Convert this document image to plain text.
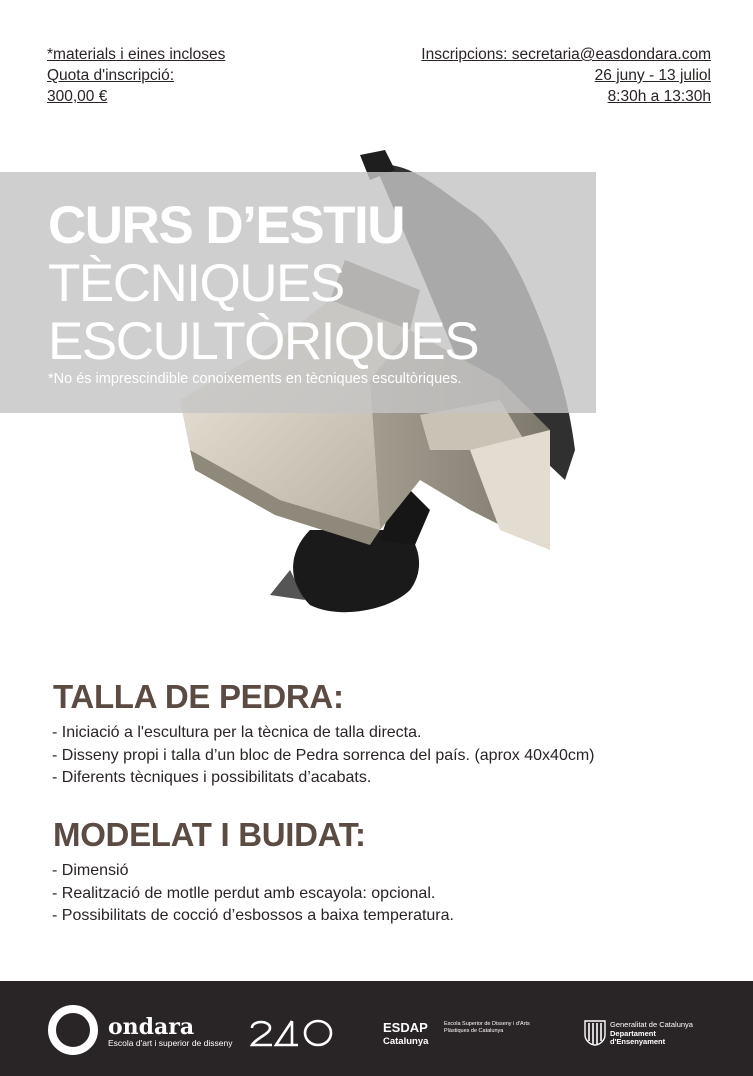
*materials i eines incloses
Quota d'inscripció:
300,00 €
Inscripcions: secretaria@easdondara.com
26 juny - 13 juliol
8:30h a 13:30h
CURS D’ESTIU
TÈCNIQUES
ESCULTÒRIQUES
*No és imprescindible conoixements en tècniques escultòriques.
TALLA DE PEDRA:
- Iniciació a l'escultura per la tècnica de talla directa.
- Disseny propi i talla d’un bloc de Pedra sorrenca del país. (aprox 40x40cm)
- Diferents tècniques i possibilitats d’acabats.
MODELAT I BUIDAT:
- Dimensió
- Realització de motlle perdut amb escayola: opcional.
- Possibilitats de cocció d’esbossos a baixa temperatura.
ondara
Escola d'art i superior de disseny
ESDAP
Catalunya
Escola Superior de Disseny i d'Arts Plàstiques de Catalunya
Generalitat de Catalunya
Departament
d'Ensenyament
